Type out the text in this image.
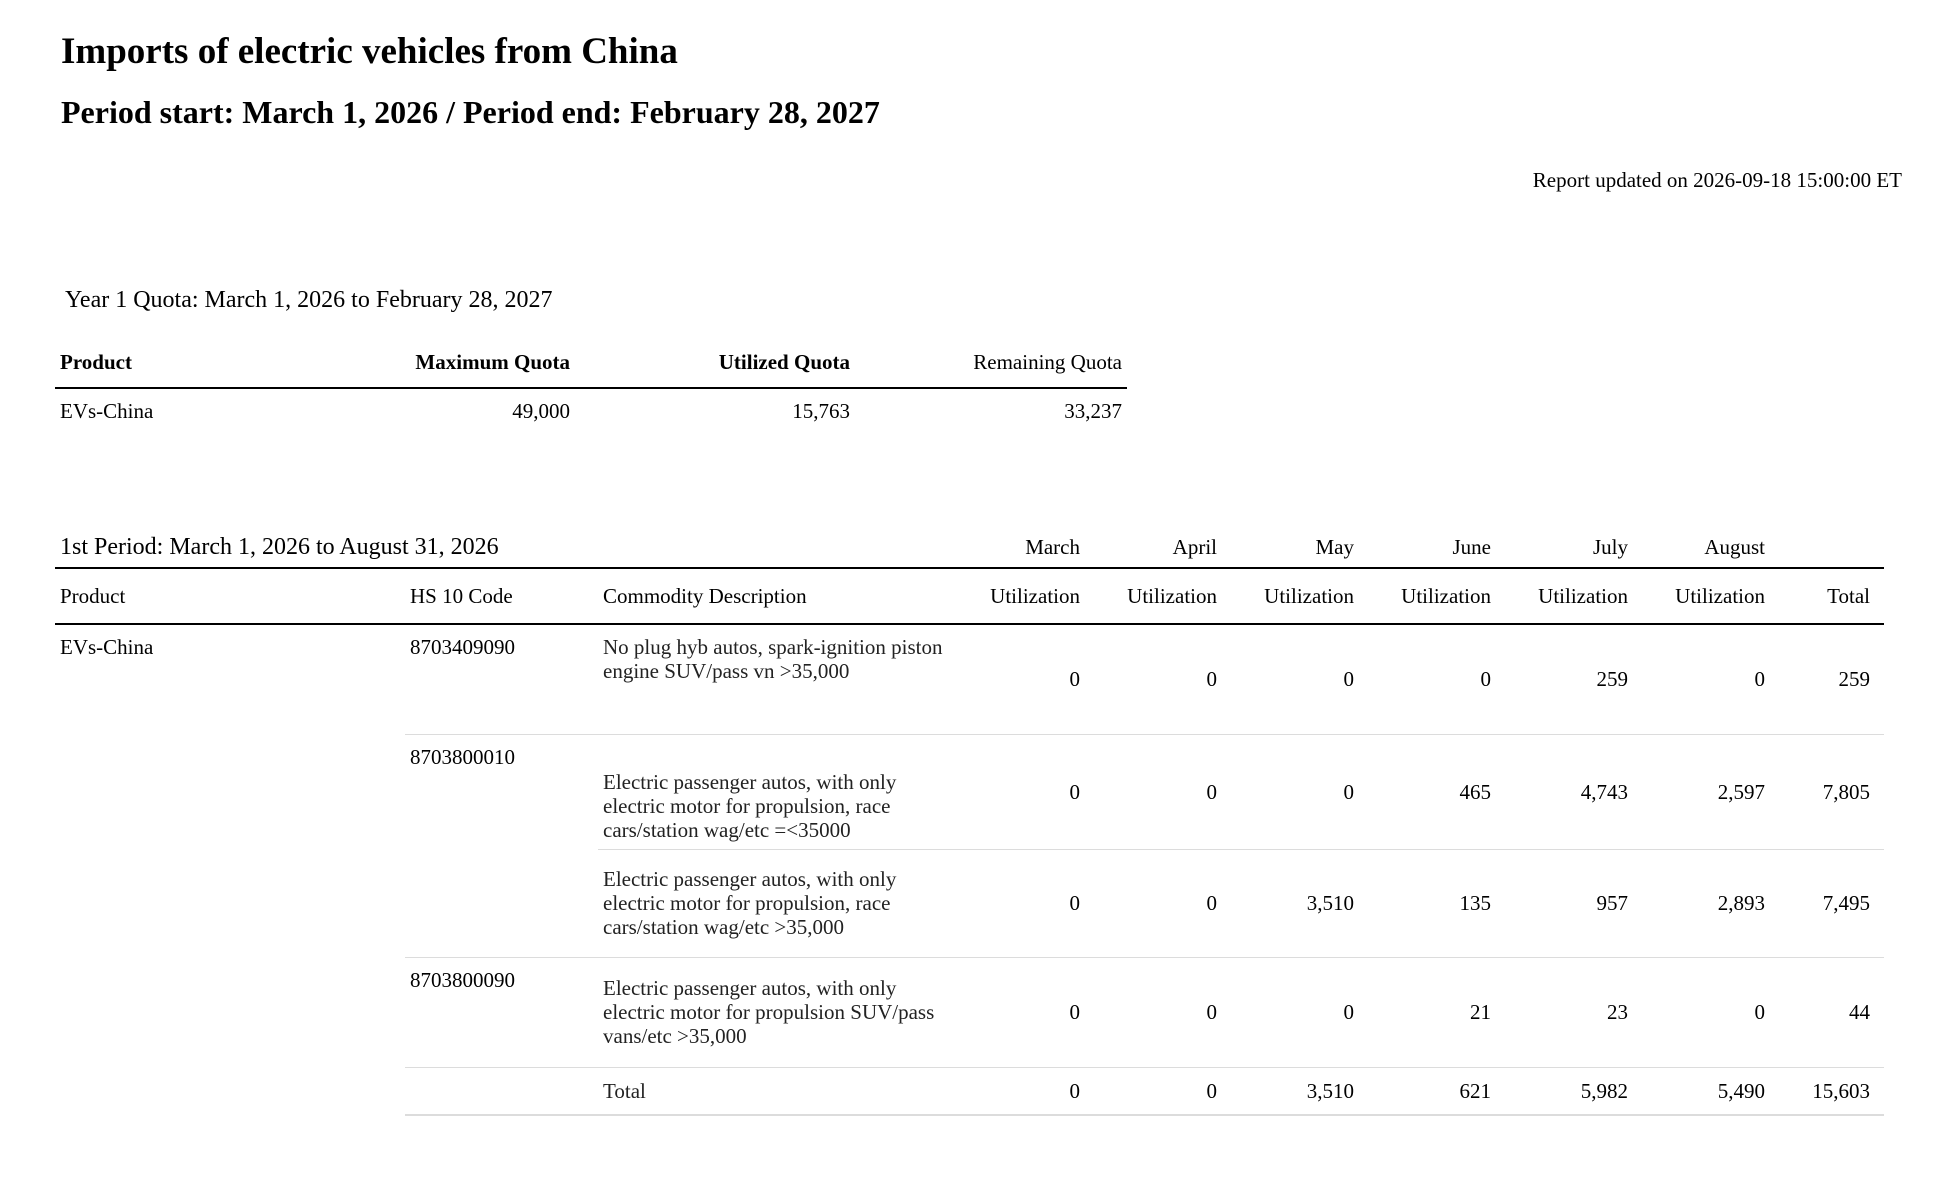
Imports of electric vehicles from China
Period start: March 1, 2026 / Period end: February 28, 2027
Report updated on 2026-09-18 15:00:00 ET
Year 1 Quota: March 1, 2026 to February 28, 2027
Product	Maximum Quota	Utilized Quota	Remaining Quota
EVs-China	49,000	15,763	33,237
1st Period: March 1, 2026 to August 31, 2026			March	April	May	June	July	August	
Product	HS 10 Code	Commodity Description	Utilization	Utilization	Utilization	Utilization	Utilization	Utilization	Total
EVs-China	8703409090	No plug hyb autos, spark-ignition piston engine SUV/pass vn >35,000	0	0	0	0	259	0	259
	8703800010	Electric passenger autos, with only electric motor for propulsion, race cars/station wag/etc =<35000	0	0	0	465	4,743	2,597	7,805
		Electric passenger autos, with only electric motor for propulsion, race cars/station wag/etc >35,000	0	0	3,510	135	957	2,893	7,495
	8703800090	Electric passenger autos, with only electric motor for propulsion SUV/pass vans/etc >35,000	0	0	0	21	23	0	44
		Total	0	0	3,510	621	5,982	5,490	15,603
